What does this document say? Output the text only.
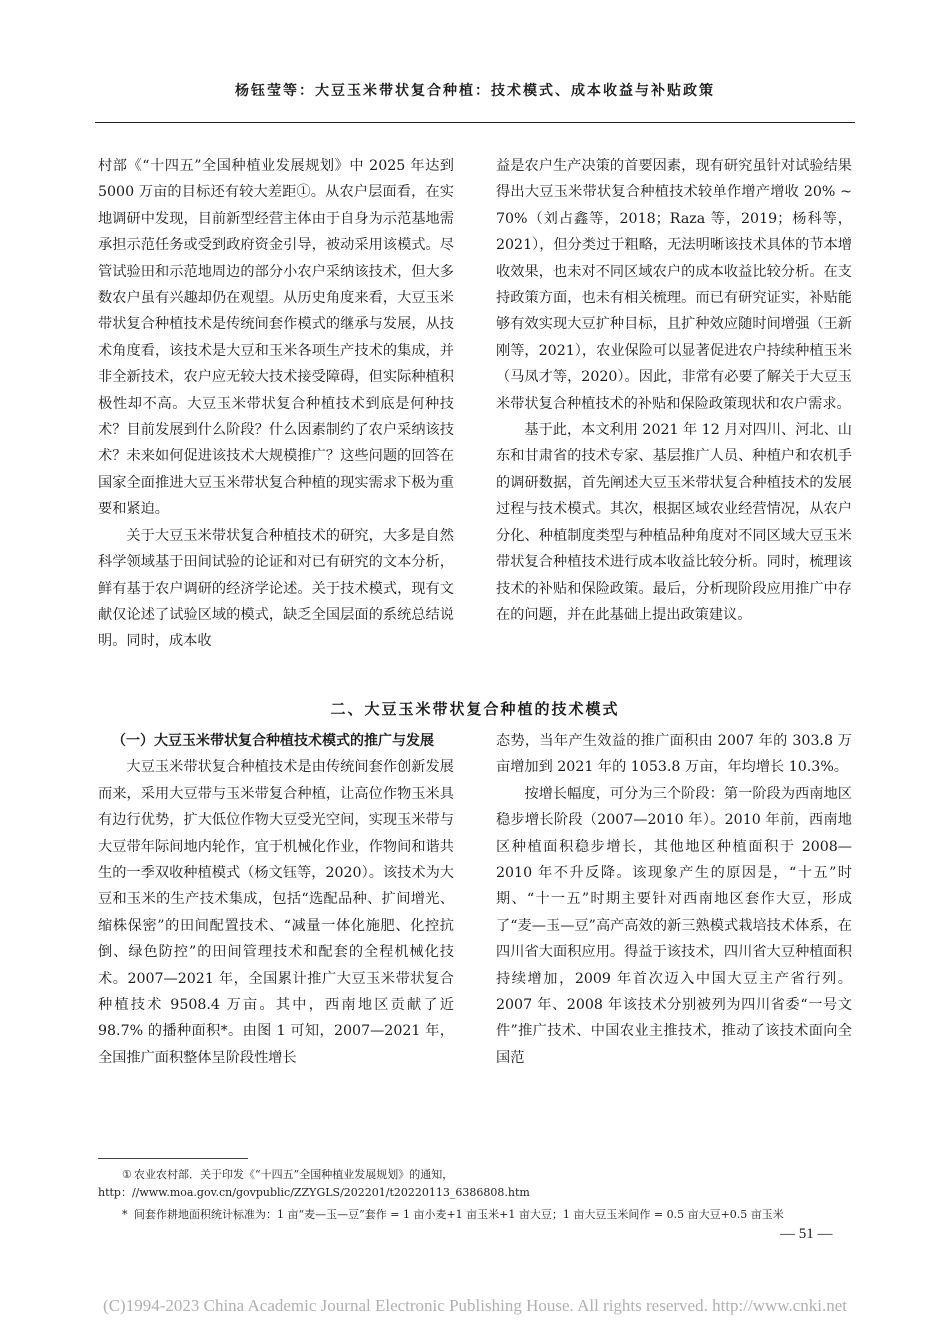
杨钰莹等：大豆玉米带状复合种植：技术模式、成本收益与补贴政策

村部《“十四五”全国种植业发展规划》中 2025 年达到 5000 万亩的目标还有较大差距①。从农户层面看，在实地调研中发现，目前新型经营主体由于自身为示范基地需承担示范任务或受到政府资金引导，被动采用该模式。尽管试验田和示范地周边的部分小农户采纳该技术，但大多数农户虽有兴趣却仍在观望。从历史角度来看，大豆玉米带状复合种植技术是传统间套作模式的继承与发展，从技术角度看，该技术是大豆和玉米各项生产技术的集成，并非全新技术，农户应无较大技术接受障碍，但实际种植积极性却不高。大豆玉米带状复合种植技术到底是何种技术？目前发展到什么阶段？什么因素制约了农户采纳该技术？未来如何促进该技术大规模推广？这些问题的回答在国家全面推进大豆玉米带状复合种植的现实需求下极为重要和紧迫。

关于大豆玉米带状复合种植技术的研究，大多是自然科学领域基于田间试验的论证和对已有研究的文本分析，鲜有基于农户调研的经济学论述。关于技术模式，现有文献仅论述了试验区域的模式，缺乏全国层面的系统总结说明。同时，成本收

益是农户生产决策的首要因素，现有研究虽针对试验结果得出大豆玉米带状复合种植技术较单作增产增收 20% ~ 70%（刘占鑫等，2018；Raza 等，2019；杨科等，2021），但分类过于粗略，无法明晰该技术具体的节本增收效果，也未对不同区域农户的成本收益比较分析。在支持政策方面，也未有相关梳理。而已有研究证实，补贴能够有效实现大豆扩种目标，且扩种效应随时间增强（王新刚等，2021），农业保险可以显著促进农户持续种植玉米（马凤才等，2020）。因此，非常有必要了解关于大豆玉米带状复合种植技术的补贴和保险政策现状和农户需求。

基于此，本文利用 2021 年 12 月对四川、河北、山东和甘肃省的技术专家、基层推广人员、种植户和农机手的调研数据，首先阐述大豆玉米带状复合种植技术的发展过程与技术模式。其次，根据区域农业经营情况，从农户分化、种植制度类型与种植品种角度对不同区域大豆玉米带状复合种植技术进行成本收益比较分析。同时，梳理该技术的补贴和保险政策。最后，分析现阶段应用推广中存在的问题，并在此基础上提出政策建议。

二、大豆玉米带状复合种植的技术模式

（一）大豆玉米带状复合种植技术模式的推广与发展

大豆玉米带状复合种植技术是由传统间套作创新发展而来，采用大豆带与玉米带复合种植，让高位作物玉米具有边行优势，扩大低位作物大豆受光空间，实现玉米带与大豆带年际间地内轮作，宜于机械化作业，作物间和谐共生的一季双收种植模式（杨文钰等，2020）。该技术为大豆和玉米的生产技术集成，包括“选配品种、扩间增光、缩株保密”的田间配置技术、“减量一体化施肥、化控抗倒、绿色防控”的田间管理技术和配套的全程机械化技术。2007—2021 年，全国累计推广大豆玉米带状复合种植技术 9508.4 万亩。其中，西南地区贡献了近 98.7% 的播种面积*。由图 1 可知，2007—2021 年，全国推广面积整体呈阶段性增长

态势，当年产生效益的推广面积由 2007 年的 303.8 万亩增加到 2021 年的 1053.8 万亩，年均增长 10.3%。

按增长幅度，可分为三个阶段：第一阶段为西南地区稳步增长阶段（2007—2010 年）。2010 年前，西南地区种植面积稳步增长，其他地区种植面积于 2008—2010 年不升反降。该现象产生的原因是，“十五”时期、“十一五”时期主要针对西南地区套作大豆，形成了“麦—玉—豆”高产高效的新三熟模式栽培技术体系，在四川省大面积应用。得益于该技术，四川省大豆种植面积持续增加，2009 年首次迈入中国大豆主产省行列。2007 年、2008 年该技术分别被列为四川省委“一号文件”推广技术、中国农业主推技术，推动了该技术面向全国范

① 农业农村部．关于印发《“十四五”全国种植业发展规划》的通知，http：//www.moa.gov.cn/govpublic/ZZYGLS/202201/t20220113_6386808.htm
* 间套作耕地面积统计标准为：1 亩“麦—玉—豆”套作 = 1 亩小麦+1 亩玉米+1 亩大豆；1 亩大豆玉米间作 = 0.5 亩大豆+0.5 亩玉米
— 51 —
(C)1994-2023 China Academic Journal Electronic Publishing House. All rights reserved. http://www.cnki.net
